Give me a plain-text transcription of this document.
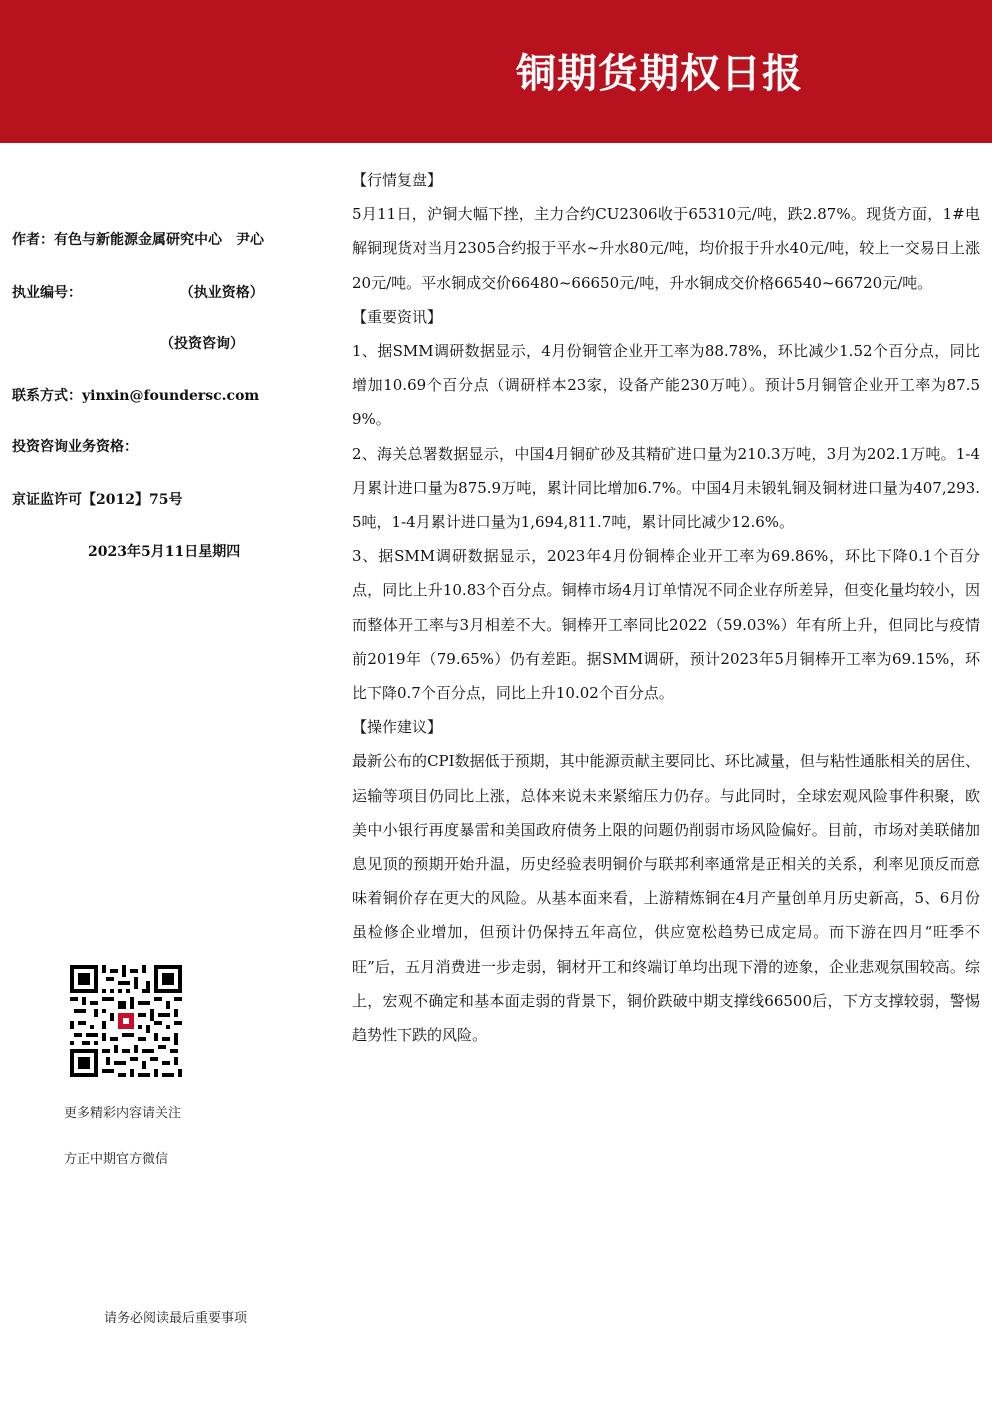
铜期货期权日报
作者：有色与新能源金属研究中心　尹心
执业编号：	（执业资格）
（投资咨询）
联系方式：yinxin@foundersc.com
投资咨询业务资格：
京证监许可【2012】75号
2023年5月11日星期四
更多精彩内容请关注
方正中期官方微信
请务必阅读最后重要事项

【行情复盘】

5月11日，沪铜大幅下挫，主力合约CU2306收于65310元/吨，跌2.87%。现货方面，1#电解铜现货对当月2305合约报于平水~升水80元/吨，均价报于升水40元/吨，较上一交易日上涨20元/吨。平水铜成交价66480~66650元/吨，升水铜成交价格66540~66720元/吨。

【重要资讯】

1、据SMM调研数据显示，4月份铜管企业开工率为88.78%，环比减少1.52个百分点，同比增加10.69个百分点（调研样本23家，设备产能230万吨）。预计5月铜管企业开工率为87.59%。

2、海关总署数据显示，中国4月铜矿砂及其精矿进口量为210.3万吨，3月为202.1万吨。1-4月累计进口量为875.9万吨，累计同比增加6.7%。中国4月未锻轧铜及铜材进口量为407,293.5吨，1-4月累计进口量为1,694,811.7吨，累计同比减少12.6%。

3、据SMM调研数据显示，2023年4月份铜棒企业开工率为69.86%，环比下降0.1个百分点，同比上升10.83个百分点。铜棒市场4月订单情况不同企业存所差异，但变化量均较小，因而整体开工率与3月相差不大。铜棒开工率同比2022（59.03%）年有所上升，但同比与疫情前2019年（79.65%）仍有差距。据SMM调研，预计2023年5月铜棒开工率为69.15%，环比下降0.7个百分点，同比上升10.02个百分点。

【操作建议】

最新公布的CPI数据低于预期，其中能源贡献主要同比、环比减量，但与粘性通胀相关的居住、运输等项目仍同比上涨，总体来说未来紧缩压力仍存。与此同时，全球宏观风险事件积聚，欧美中小银行再度暴雷和美国政府债务上限的问题仍削弱市场风险偏好。目前，市场对美联储加息见顶的预期开始升温，历史经验表明铜价与联邦利率通常是正相关的关系，利率见顶反而意味着铜价存在更大的风险。从基本面来看，上游精炼铜在4月产量创单月历史新高，5、6月份虽检修企业增加，但预计仍保持五年高位，供应宽松趋势已成定局。而下游在四月“旺季不旺”后，五月消费进一步走弱，铜材开工和终端订单均出现下滑的迹象，企业悲观氛围较高。综上，宏观不确定和基本面走弱的背景下，铜价跌破中期支撑线66500后，下方支撑较弱，警惕趋势性下跌的风险。
